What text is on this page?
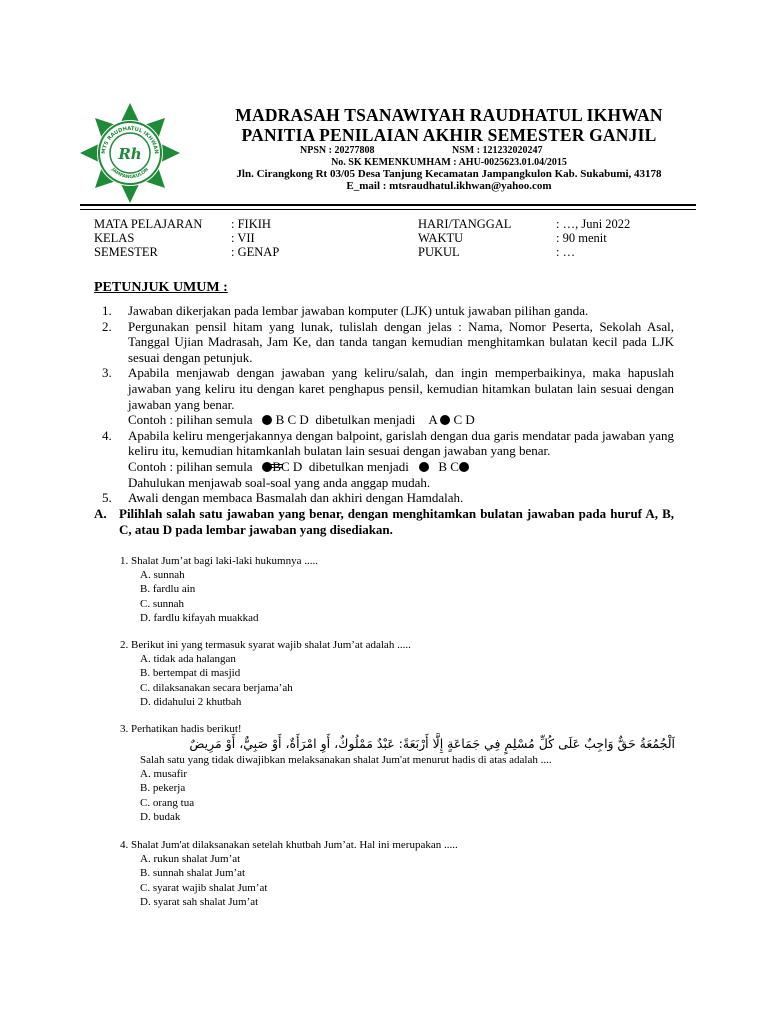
MTS RAUDHATUL IKHWAN
JAMPANGKULON
Rh
MADRASAH TSANAWIYAH RAUDHATUL IKHWAN
PANITIA PENILAIAN AKHIR SEMESTER GANJIL
NPSN : 20277808	NSM : 121232020247
No. SK KEMENKUMHAM : AHU-0025623.01.04/2015
Jln. Cirangkong Rt 03/05 Desa Tanjung Kecamatan Jampangkulon Kab. Sukabumi, 43178
E_mail : mtsraudhatul.ikhwan@yahoo.com
MATA PELAJARAN
KELAS
SEMESTER
: FIKIH
: VII
: GENAP
HARI/TANGGAL
WAKTU
PUKUL
: …, Juni 2022
: 90 menit
: …
PETUNJUK UMUM :
1. Jawaban dikerjakan pada lembar jawaban komputer (LJK) untuk jawaban pilihan ganda.
2. Pergunakan pensil hitam yang lunak, tulislah dengan jelas : Nama, Nomor Peserta, Sekolah Asal, Tanggal Ujian Madrasah, Jam Ke, dan tanda tangan kemudian menghitamkan bulatan kecil pada LJK sesuai dengan petunjuk.
3. Apabila menjawab dengan jawaban yang keliru/salah, dan ingin memperbaikinya, maka hapuslah jawaban yang keliru itu dengan karet penghapus pensil, kemudian hitamkan bulatan lain sesuai dengan jawaban yang benar.
Contoh : pilihan semula B C D dibetulkan menjadi A C D
4. Apabila keliru mengerjakannya dengan balpoint, garislah dengan dua garis mendatar pada jawaban yang keliru itu, kemudian hitamkanlah bulatan lain sesuai dengan jawaban yang benar.
Contoh : pilihan semula BC D dibetulkan menjadi B C
Dahulukan menjawab soal-soal yang anda anggap mudah.
5. Awali dengan membaca Basmalah dan akhiri dengan Hamdalah.
A. Pilihlah salah satu jawaban yang benar, dengan menghitamkan bulatan jawaban pada huruf A, B, C, atau D pada lembar jawaban yang disediakan.
1. Shalat Jum’at bagi laki-laki hukumnya .....
A. sunnah
B. fardlu ain
C. sunnah
D. fardlu kifayah muakkad
2. Berikut ini yang termasuk syarat wajib shalat Jum’at adalah .....
A. tidak ada halangan
B. bertempat di masjid
C. dilaksanakan secara berjama’ah
D. didahului 2 khutbah
3. Perhatikan hadis berikut!
اَلْجُمُعَةُ حَقٌّ وَاجِبٌ عَلَى كُلِّ مُسْلِمٍ فِي جَمَاعَةٍ إِلَّا أَرْبَعَةً: عَبْدٌ مَمْلُوكٌ، أَوِ امْرَأَةٌ، أَوْ صَبِيٌّ، أَوْ مَرِيضٌ
Salah satu yang tidak diwajibkan melaksanakan shalat Jum'at menurut hadis di atas adalah ....
A. musafir
B. pekerja
C. orang tua
D. budak
4. Shalat Jum'at dilaksanakan setelah khutbah Jum’at. Hal ini merupakan .....
A. rukun shalat Jum’at
B. sunnah shalat Jum’at
C. syarat wajib shalat Jum’at
D. syarat sah shalat Jum’at
